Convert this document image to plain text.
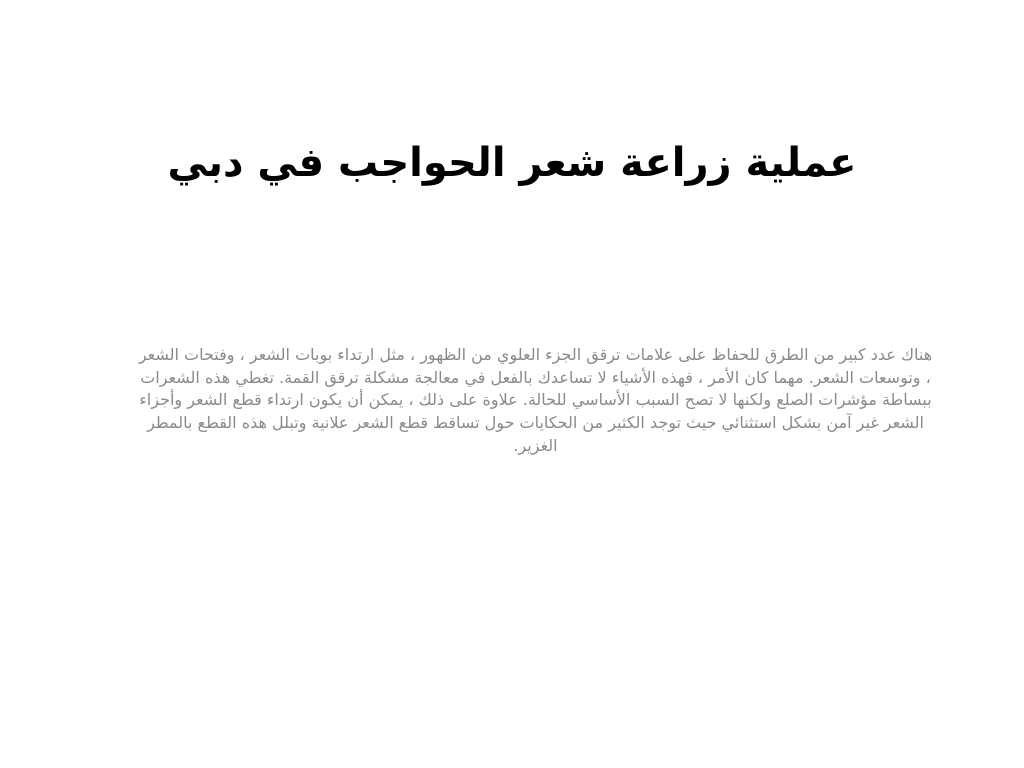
عملية زراعة شعر الحواجب في دبي

هناك عدد كبير من الطرق للحفاظ على علامات ترقق الجزء العلوي من الظهور ، مثل ارتداء بوبات الشعر ، وفتحات الشعر ، وتوسعات الشعر. مهما كان الأمر ، فهذه الأشياء لا تساعدك بالفعل في معالجة مشكلة ترقق القمة. تغطي هذه الشعرات ببساطة مؤشرات الصلع ولكنها لا تصح السبب الأساسي للحالة. علاوة على ذلك ، يمكن أن يكون ارتداء قطع الشعر وأجزاء الشعر غير آمن بشكل استثنائي حيث توجد الكثير من الحكايات حول تساقط قطع الشعر علانية وتبلل هذه القطع بالمطر الغزير.
